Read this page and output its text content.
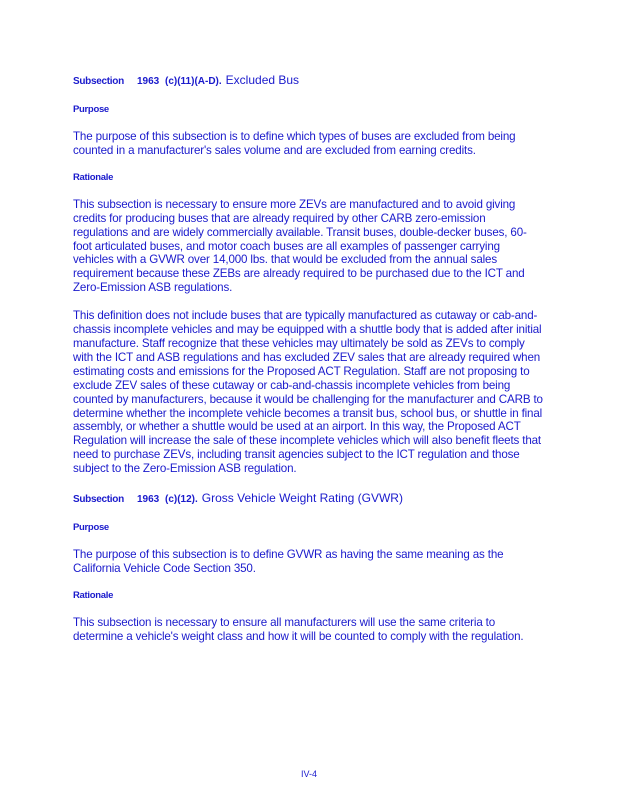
Subsection 1963 (c)(11)(A-D). Excluded Bus
Purpose

The purpose of this subsection is to define which types of buses are excluded from being counted in a manufacturer's sales volume and are excluded from earning credits.

Rationale

This subsection is necessary to ensure more ZEVs are manufactured and to avoid giving credits for producing buses that are already required by other CARB zero-emission regulations and are widely commercially available. Transit buses, double-decker buses, 60-foot articulated buses, and motor coach buses are all examples of passenger carrying vehicles with a GVWR over 14,000 lbs. that would be excluded from the annual sales requirement because these ZEBs are already required to be purchased due to the ICT and Zero-Emission ASB regulations.

This definition does not include buses that are typically manufactured as cutaway or cab-and-chassis incomplete vehicles and may be equipped with a shuttle body that is added after initial manufacture. Staff recognize that these vehicles may ultimately be sold as ZEVs to comply with the ICT and ASB regulations and has excluded ZEV sales that are already required when estimating costs and emissions for the Proposed ACT Regulation. Staff are not proposing to exclude ZEV sales of these cutaway or cab-and-chassis incomplete vehicles from being counted by manufacturers, because it would be challenging for the manufacturer and CARB to determine whether the incomplete vehicle becomes a transit bus, school bus, or shuttle in final assembly, or whether a shuttle would be used at an airport. In this way, the Proposed ACT Regulation will increase the sale of these incomplete vehicles which will also benefit fleets that need to purchase ZEVs, including transit agencies subject to the ICT regulation and those subject to the Zero-Emission ASB regulation.

Subsection 1963 (c)(12). Gross Vehicle Weight Rating (GVWR)
Purpose

The purpose of this subsection is to define GVWR as having the same meaning as the California Vehicle Code Section 350.

Rationale

This subsection is necessary to ensure all manufacturers will use the same criteria to determine a vehicle's weight class and how it will be counted to comply with the regulation.

IV-4
